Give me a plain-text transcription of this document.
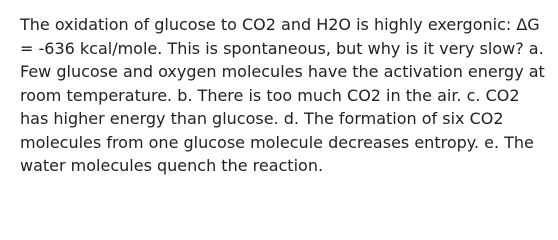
The oxidation of glucose to CO2 and H2O is highly exergonic: ΔG
= -636 kcal/mole. This is spontaneous, but why is it very slow? a.
Few glucose and oxygen molecules have the activation energy at
room temperature. b. There is too much CO2 in the air. c. CO2
has higher energy than glucose. d. The formation of six CO2
molecules from one glucose molecule decreases entropy. e. The
water molecules quench the reaction.
